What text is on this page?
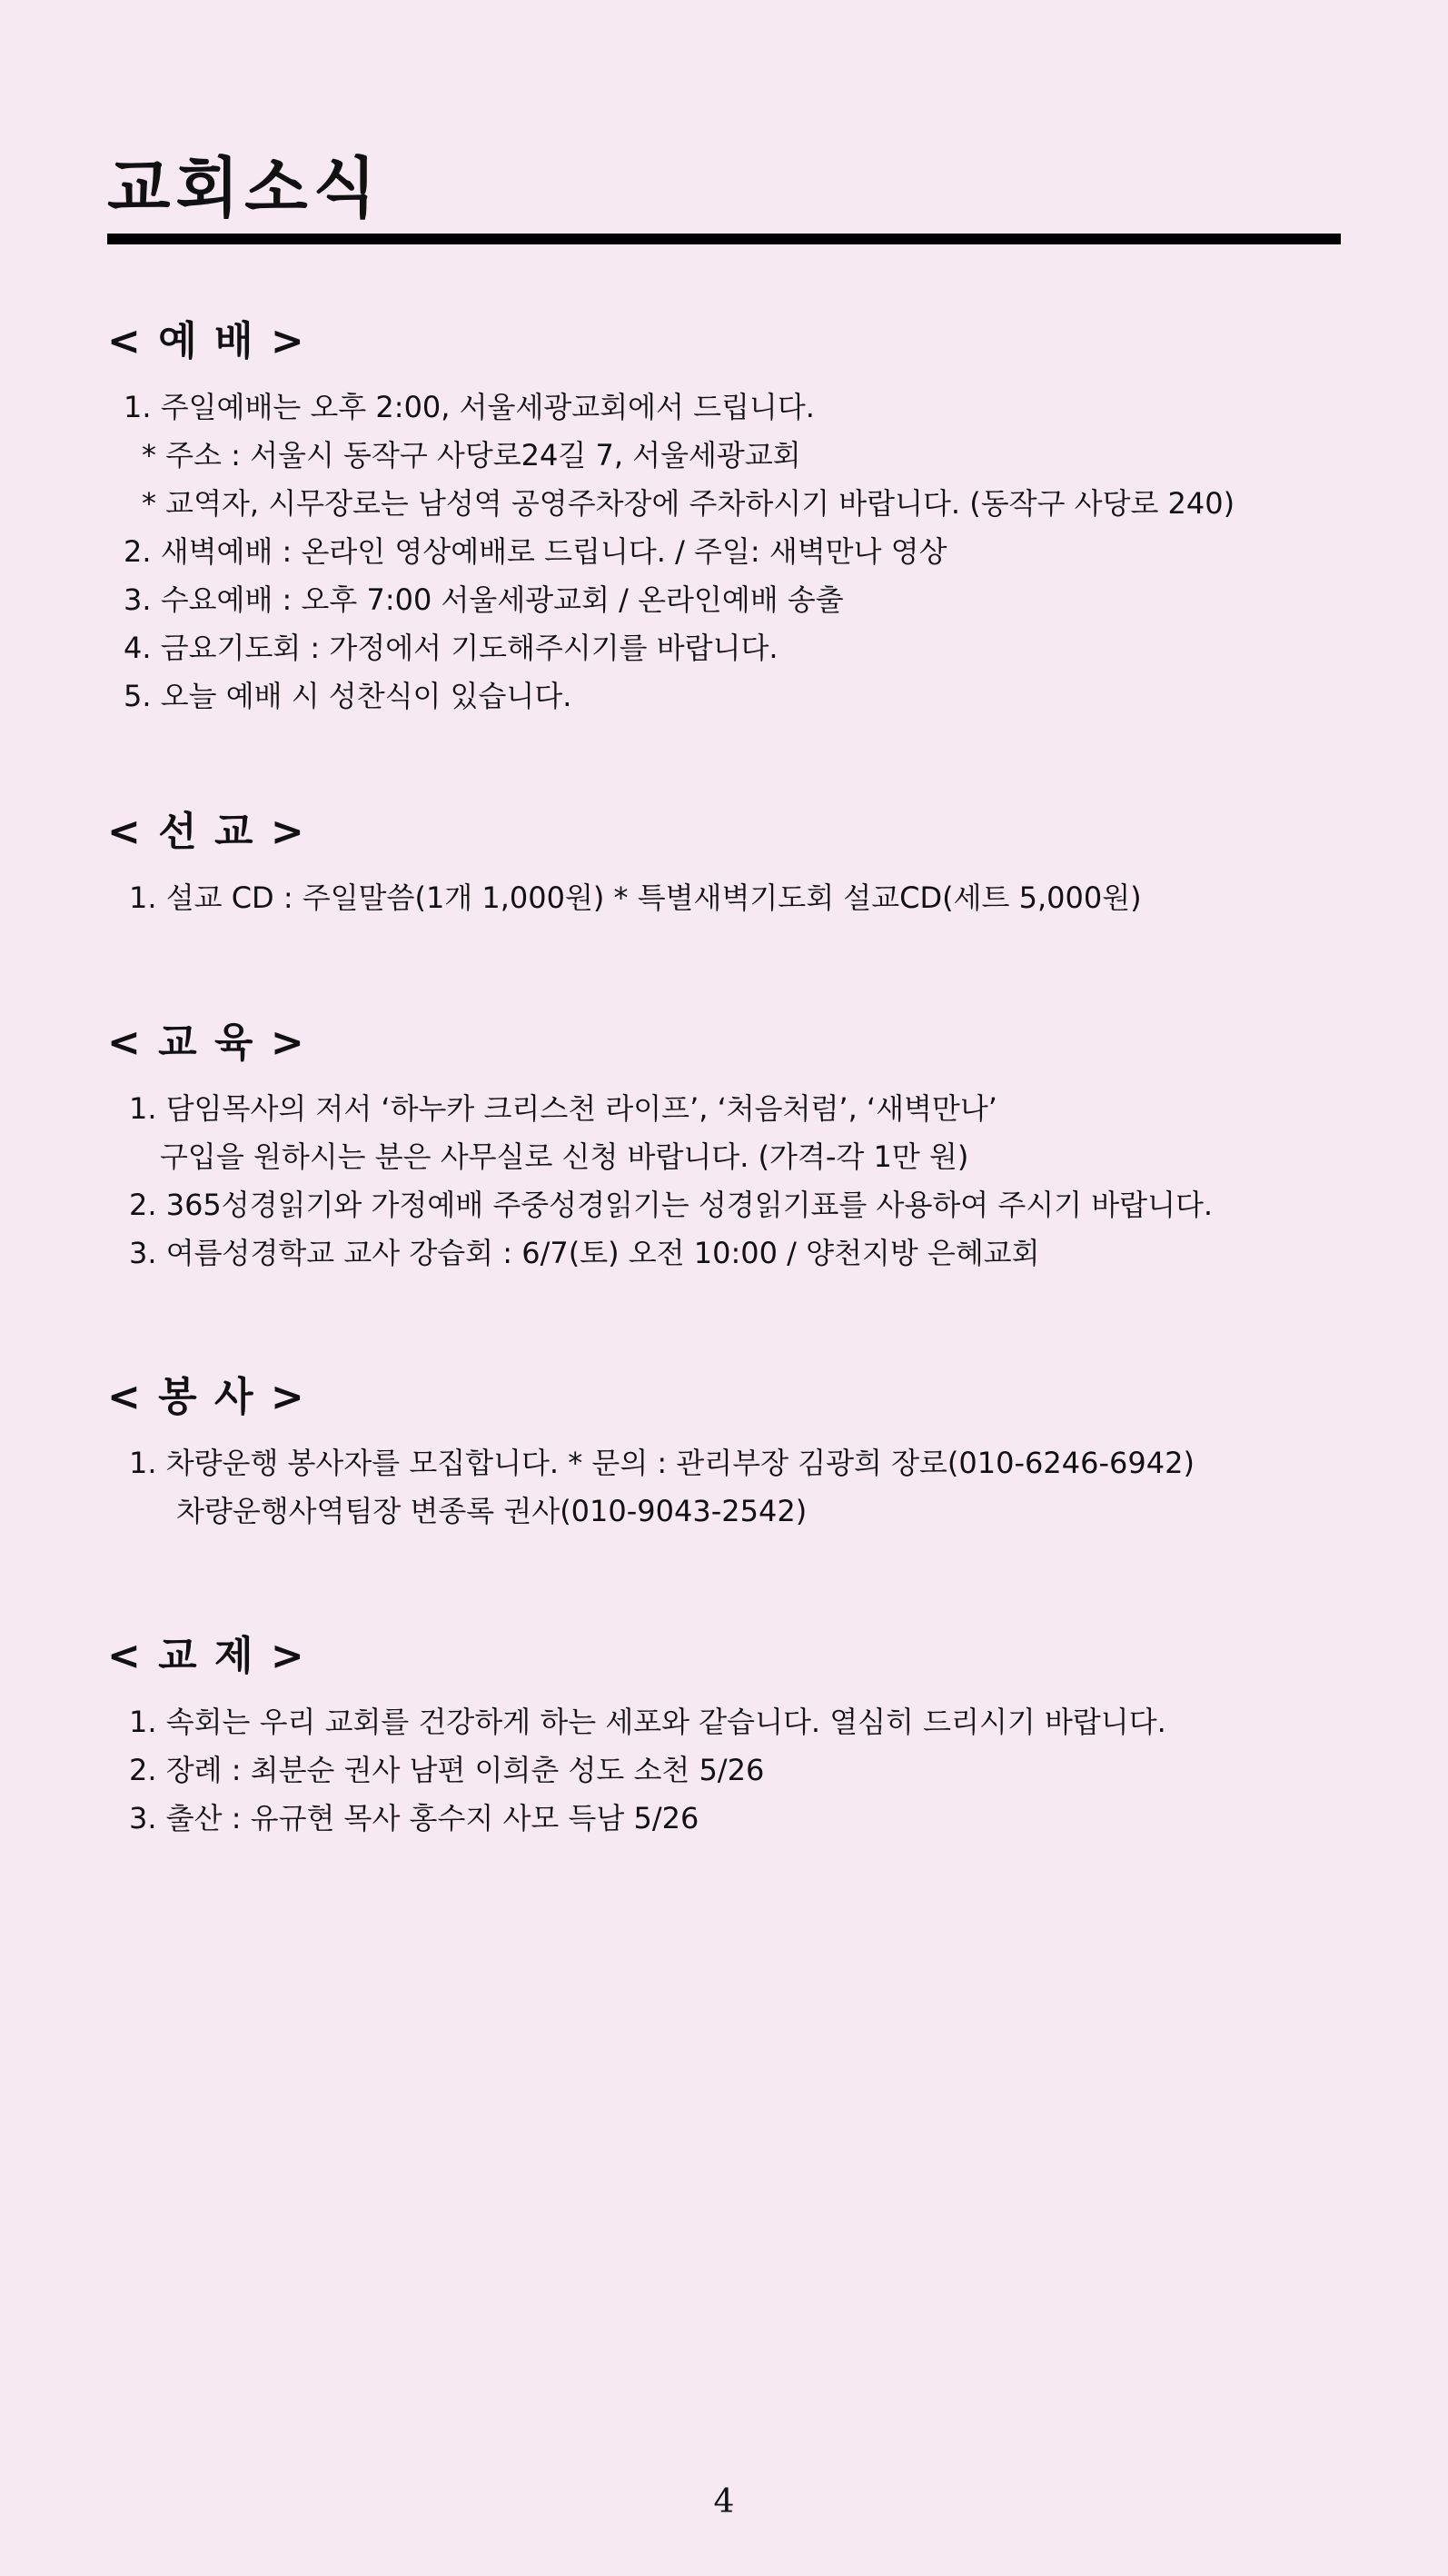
교회소식
< 예 배 >
1. 주일예배는 오후 2:00, 서울세광교회에서 드립니다.
* 주소 : 서울시 동작구 사당로24길 7, 서울세광교회
* 교역자, 시무장로는 남성역 공영주차장에 주차하시기 바랍니다. (동작구 사당로 240)
2. 새벽예배 : 온라인 영상예배로 드립니다. / 주일: 새벽만나 영상
3. 수요예배 : 오후 7:00 서울세광교회 / 온라인예배 송출
4. 금요기도회 : 가정에서 기도해주시기를 바랍니다.
5. 오늘 예배 시 성찬식이 있습니다.
< 선 교 >
1. 설교 CD : 주일말씀(1개 1,000원) * 특별새벽기도회 설교CD(세트 5,000원)
< 교 육 >
1. 담임목사의 저서 ‘하누카 크리스천 라이프’, ‘처음처럼’, ‘새벽만나’
구입을 원하시는 분은 사무실로 신청 바랍니다. (가격-각 1만 원)
2. 365성경읽기와 가정예배 주중성경읽기는 성경읽기표를 사용하여 주시기 바랍니다.
3. 여름성경학교 교사 강습회 : 6/7(토) 오전 10:00 / 양천지방 은혜교회
< 봉 사 >
1. 차량운행 봉사자를 모집합니다. * 문의 : 관리부장 김광희 장로(010-6246-6942)
차량운행사역팀장 변종록 권사(010-9043-2542)
< 교 제 >
1. 속회는 우리 교회를 건강하게 하는 세포와 같습니다. 열심히 드리시기 바랍니다.
2. 장례 : 최분순 권사 남편 이희춘 성도 소천 5/26
3. 출산 : 유규현 목사 홍수지 사모 득남 5/26
4
